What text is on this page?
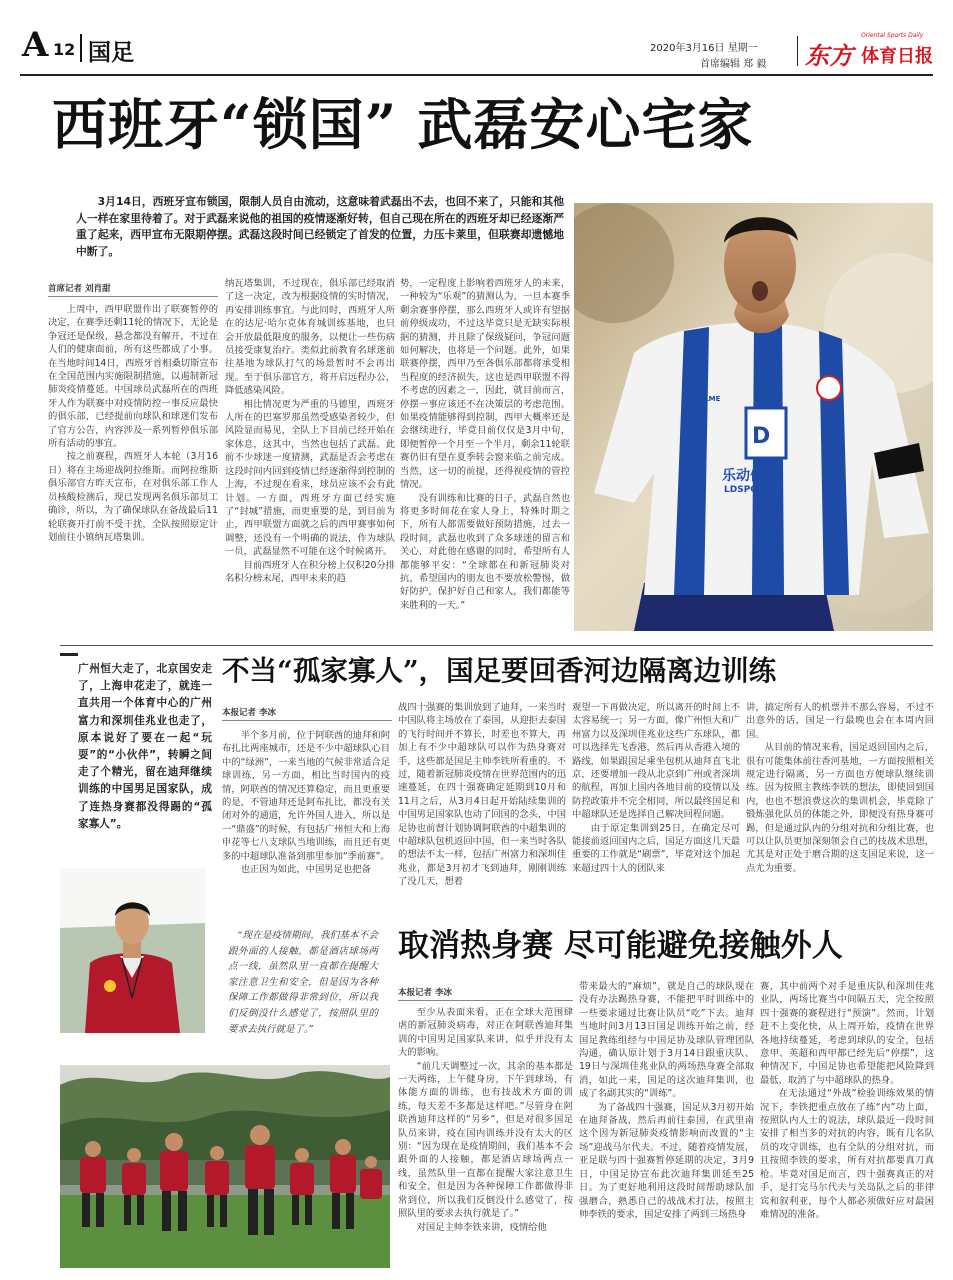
A 12 国足	2020年3月16日 星期一
首席编辑 郑 毅 东方
Oriental Sports Daily
体育日报
西班牙“锁国” 武磊安心宅家
3月14日，西班牙宣布锁国，限制人员自由流动，这意味着武磊出不去，也回不来了，只能和其他人一样在家里待着了。对于武磊来说他的祖国的疫情逐渐好转，但自己现在所在的西班牙却已经逐渐严重了起来，西甲宣布无限期停摆。武磊这段时间已经锁定了首发的位置，力压卡莱里，但联赛却遗憾地中断了。
D
乐动体育
LDSPORT
KELME
首席记者 刘肖甜

上周中，西甲联盟作出了联赛暂停的决定，在赛季还剩11轮的情况下，无论是争冠还是保级，悬念都没有解开，不过在人们的健康面前，所有这些都成了小事。在当地时间14日，西班牙首相桑切斯宣布在全国范围内实施限制措施，以遏制新冠肺炎疫情蔓延。中国球员武磊所在的西班牙人作为联赛中对疫情防控一事反应最快的俱乐部，已经提前向球队和球迷们发布了官方公告，内容涉及一系列暂停俱乐部所有活动的事宜。

按之前赛程，西班牙人本轮（3月16日）将在主场迎战阿拉维斯。而阿拉维斯俱乐部官方昨天宣布，在对俱乐部工作人员核酸检测后，现已发现两名俱乐部员工确诊，所以，为了确保球队在备战最后11轮联赛开打前不受干扰，全队按照原定计划前往小镇纳瓦塔集训。

纳瓦塔集训，不过现在，俱乐部已经取消了这一决定，改为根据疫情的实时情况，再安排训练事宜。与此同时，西班牙人所在的达尼·哈尔克体育城训练基地，也只会开放最低限度的服务，以便让一些伤病员接受康复治疗。类似此前教育名球迷前往基地为球队打气的场景暂时不会再出现。至于俱乐部官方，将开启远程办公，降低感染风险。

相比情况更为严重的马德里，西班牙人所在的巴塞罗那虽然受感染者较少，但风险显而易见，全队上下目前已经开始在家休息，这其中，当然也包括了武磊。此前不少球迷一度猜测，武磊是否会考虑在这段时间内回到疫情已经逐渐得到控制的上海，不过现在看来，球员应该不会有此计划。一方面，西班牙方面已经实施了“封城”措施，而更重要的是，到目前为止，西甲联盟方面就之后的西甲赛事如何调整，还没有一个明确的说法，作为球队一员，武磊显然不可能在这个时候离开。

目前西班牙人在积分榜上仅积20分排名积分榜末尾，西甲未来的趋

势，一定程度上影响着西班牙人的未来，一种较为“乐观”的猜测认为，一旦本赛季剩余赛事停摆，那么西班牙人或许有望据前停级成功，不过这毕竟只是无缺实际根据的猜测，并且除了保级疑问，争冠问题如何解决，也将是一个问题。此外，如果联赛停摆，西甲乃至各俱乐部都将承受相当程度的经济损失，这也是西甲联盟不得不考虑的因素之一，因此，就目前而言，停摆一事应该还不在决策层的考虑范围。如果疫情能够得到控制，西甲大概率还是会继续进行，毕竟目前仅仅是3月中旬，即便暂停一个月至一个半月，剩余11轮联赛仍旧有望在夏季转会窗来临之前完成。当然，这一切的前提，还得视疫情的管控情况。

没有训练和比赛的日子，武磊自然也将更多时间花在家人身上，特殊时期之下，所有人都需要做好预防措施，过去一段时间，武磊也收到了众多球迷的留言和关心，对此他在感谢的同时，希望所有人都能够平安：“全球都在和新冠肺炎对抗，希望国内的朋友也不要放松警惕，做好防护，保护好自己和家人，我们都能等来胜利的一天。”

广州恒大走了，北京国安走了，上海申花走了，就连一直共用一个体育中心的广州富力和深圳佳兆业也走了，原本说好了要在一起“玩耍”的“小伙伴”，转瞬之间走了个精光，留在迪拜继续训练的中国男足国家队，成了连热身赛都没得踢的“孤家寡人”。
不当“孤家寡人”，国足要回香河边隔离边训练
本报记者 李冰

半个多月前，位于阿联酋的迪拜和阿布扎比两座城市，还是不少中超球队心目中的“绿洲”，一来当地的气候非常适合足球训练，另一方面，相比当时国内的疫情，阿联酋的情况还算稳定，而且更重要的是，不管迪拜还是阿布扎比，都没有关闭对外的通道，允许外国人进入，所以是一“鼎盛”的时候，有包括广州恒大和上海申花等七八支球队当地训练，而且还有更多的中超球队准备到那里参加“季前赛”。

也正因为如此，中国男足也把备

战四十强赛的集训放到了迪拜，一来当时中国队将主场放在了泰国，从迎拒去泰国的飞行时间并不算长，时差也不算大，再加上有不少中超球队可以作为热身赛对手，这些都是国足主帅李铁所看重的。不过，随着新冠肺炎疫情在世界范围内的迅速蔓延，在四十强赛确定延期到10月和11月之后，从3月4日起开始陆续集训的中国男足国家队也动了回国的念头，中国足协也前督计划协调阿联酋的中超集训的中超球队包机返回中国，但一来当时各队的想法不太一样，包括广州富力和深圳佳兆业，都是3月初才飞到迪拜，刚刚训练了没几天，想着

观望一下再做决定，所以离开的时间上不太容易统一；另一方面，像广州恒大和广州富力以及深圳佳兆业这些广东球队，都可以选择先飞香港，然后再从香港入境的路线，如果跟国足乘坐包机从迪拜直飞北京，还要增加一段从北京到广州或者深圳的航程，再加上国内各地目前的疫情以及防控政策并不完全相同，所以最终国足和中超球队还是选择自己解决回程问题。

由于原定集训到25日，在确定尽可能接前返回国内之后，国足方面这几天最重要的工作就是“刷票”，毕竟对这个加起来超过四十人的团队来

讲，搞定所有人的机票并不那么容易，不过不出意外的话，国足一行最晚也会在本周内回国。

从目前的情况来看，国足返回国内之后，很有可能集体前往香河基地，一方面按照相关规定进行隔离，另一方面也方便球队继续训练。因为按照主教练李铁的想法，即使回到国内，也也不想浪费这次的集训机会，毕竟除了锻炼强化队员的体能之外，即便没有热身赛可踢，但是通过队内的分组对抗和分组比赛，也可以让队员更加深刻领会自己的技战术思想，尤其是对正处于磨合期的这支国足来说，这一点尤为重要。

“现在是疫情期间，我们基本不会跟外面的人接触，都是酒店球场两点一线，虽然队里一直都在提醒大家注意卫生和安全，但是因为各种保障工作都做得非常到位，所以我们反倒没什么感觉了，按照队里的要求去执行就是了。”
取消热身赛 尽可能避免接触外人
本报记者 李冰

至少从表面来看，正在全球大范围肆虐的新冠肺炎病毒，对正在阿联酋迪拜集训的中国男足国家队来讲，似乎并没有太大的影响。

“前几天调整过一次，其余的基本都是一天两练，上午健身房，下午到球场，有体能方面的训练，也有技战术方面的训练，每天差不多都是这样吧。”尽管身在阿联酋迪拜这样的“另乡”，但是对很多国足队员来讲，疫在国内训练并没有太大的区别：“因为现在是疫情期间，我们基本不会跟外面的人接触，都是酒店球场两点一线，虽然队里一直都在提醒大家注意卫生和安全，但是因为各种保障工作都做得非常到位，所以我们反倒没什么感觉了，按照队里的要求去执行就是了。”

对国足主帅李铁来讲，疫情给他

带来最大的“麻烦”，就是自己的球队现在没有办法踢热身赛，不能把平时训练中的一些要求通过比赛让队员“吃”下去。迪拜当地时间3月13日国足训练开始之前，经国足教练组经与中国足协及球队管理团队沟通，确认原计划于3月14日跟重庆队、19日与深圳佳兆业队的两场热身赛全部取消，如此一来，国足的这次迪拜集训，也成了名副其实的“训练”。

为了备战四十强赛，国足从3月初开始在迪拜备战，然后再前往泰国，在武里南这个因为新冠肺炎疫情影响而改置的“主场”迎战马尔代夫。不过，随着疫情发展，亚足联与四十强赛暂停延期的决定，3月9日，中国足协宣布此次迪拜集训延至25日。为了更好地利用这段时间帮助球队加强磨合，熟悉自己的战战术打法，按照主帅李铁的要求，国足安排了两到三场热身

赛，其中前两个对手是重庆队和深圳佳兆业队，两场比赛当中间隔五天，完全按照四十强赛的赛程进行“预演”。然而，计划赶不上变化快，从上周开始，疫情在世界各地持续蔓延，考虑到球队的安全，包括意甲、英超和西甲都已经先后“停摆”，这种情况下，中国足协也希望能把风险降到最低，取消了与中超球队的热身。

在无法通过“外战”检验训练效果的情况下，李铁把重点放在了练“内”功上面，按照队内人士的说法，球队最近一段时间安排了相当多的对抗的内容，既有几名队员的攻守训练，也有全队的分组对抗，而且按照李铁的要求，所有对抗都要真刀真枪。毕竟对国足而言，四十强赛真正的对手，是打完马尔代夫与关岛队之后的菲律宾和叙利亚，每个人都必须做好应对最困难情况的准备。
